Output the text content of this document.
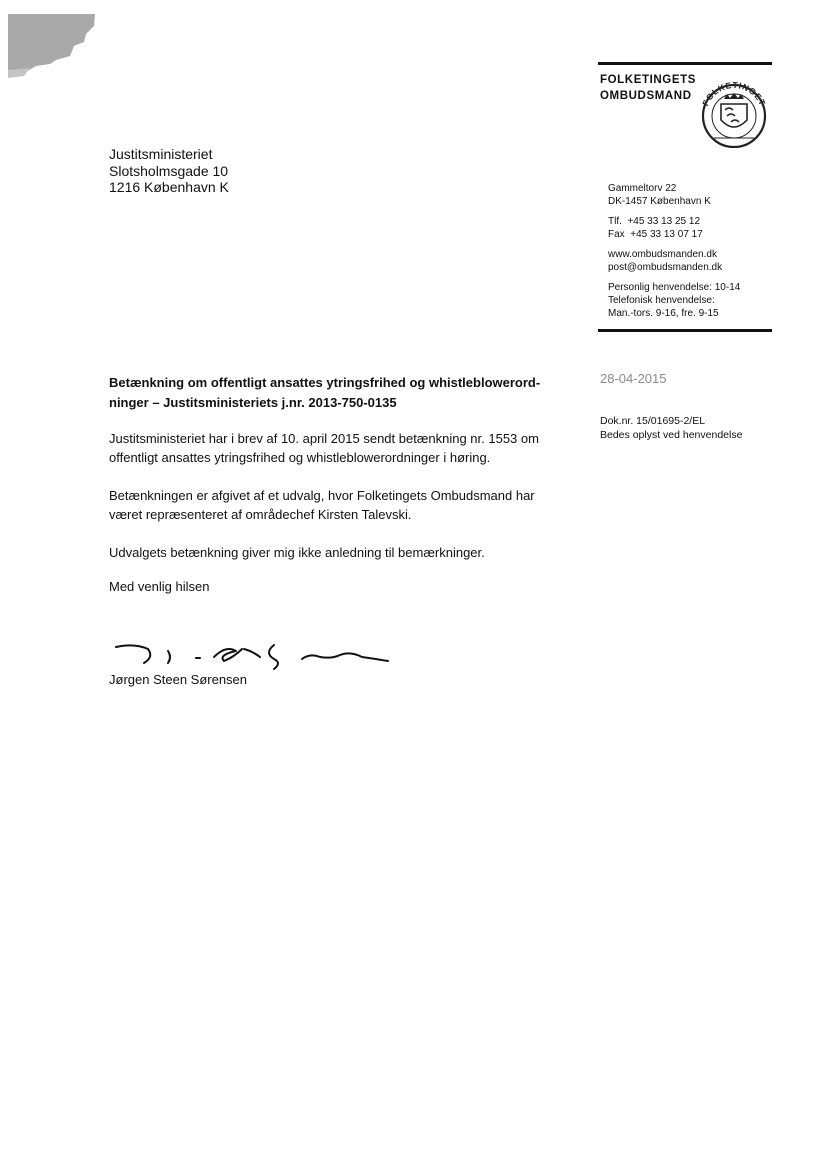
FOLKETINGETS
OMBUDSMAND
FOLKETINGET
Justitsministeriet
Slotsholmsgade 10
1216 København K	Gammeltorv 22
DK-1457 København K
Tlf.  +45 33 13 25 12
Fax  +45 33 13 07 17
www.ombudsmanden.dk
post@ombudsmanden.dk
Personlig henvendelse: 10-14
Telefonisk henvendelse:
Man.-tors. 9-16, fre. 9-15
28-04-2015
Dok.nr. 15/01695-2/EL
Bedes oplyst ved henvendelse
Betænkning om offentligt ansattes ytringsfrihed og whistleblowerord-
ninger – Justitsministeriets j.nr. 2013-750-0135
Justitsministeriet har i brev af 10. april 2015 sendt betænkning nr. 1553 om
offentligt ansattes ytringsfrihed og whistleblowerordninger i høring.
Betænkningen er afgivet af et udvalg, hvor Folketingets Ombudsmand har
været repræsenteret af områdechef Kirsten Talevski.
Udvalgets betænkning giver mig ikke anledning til bemærkninger.
Med venlig hilsen
Jørgen Steen Sørensen
